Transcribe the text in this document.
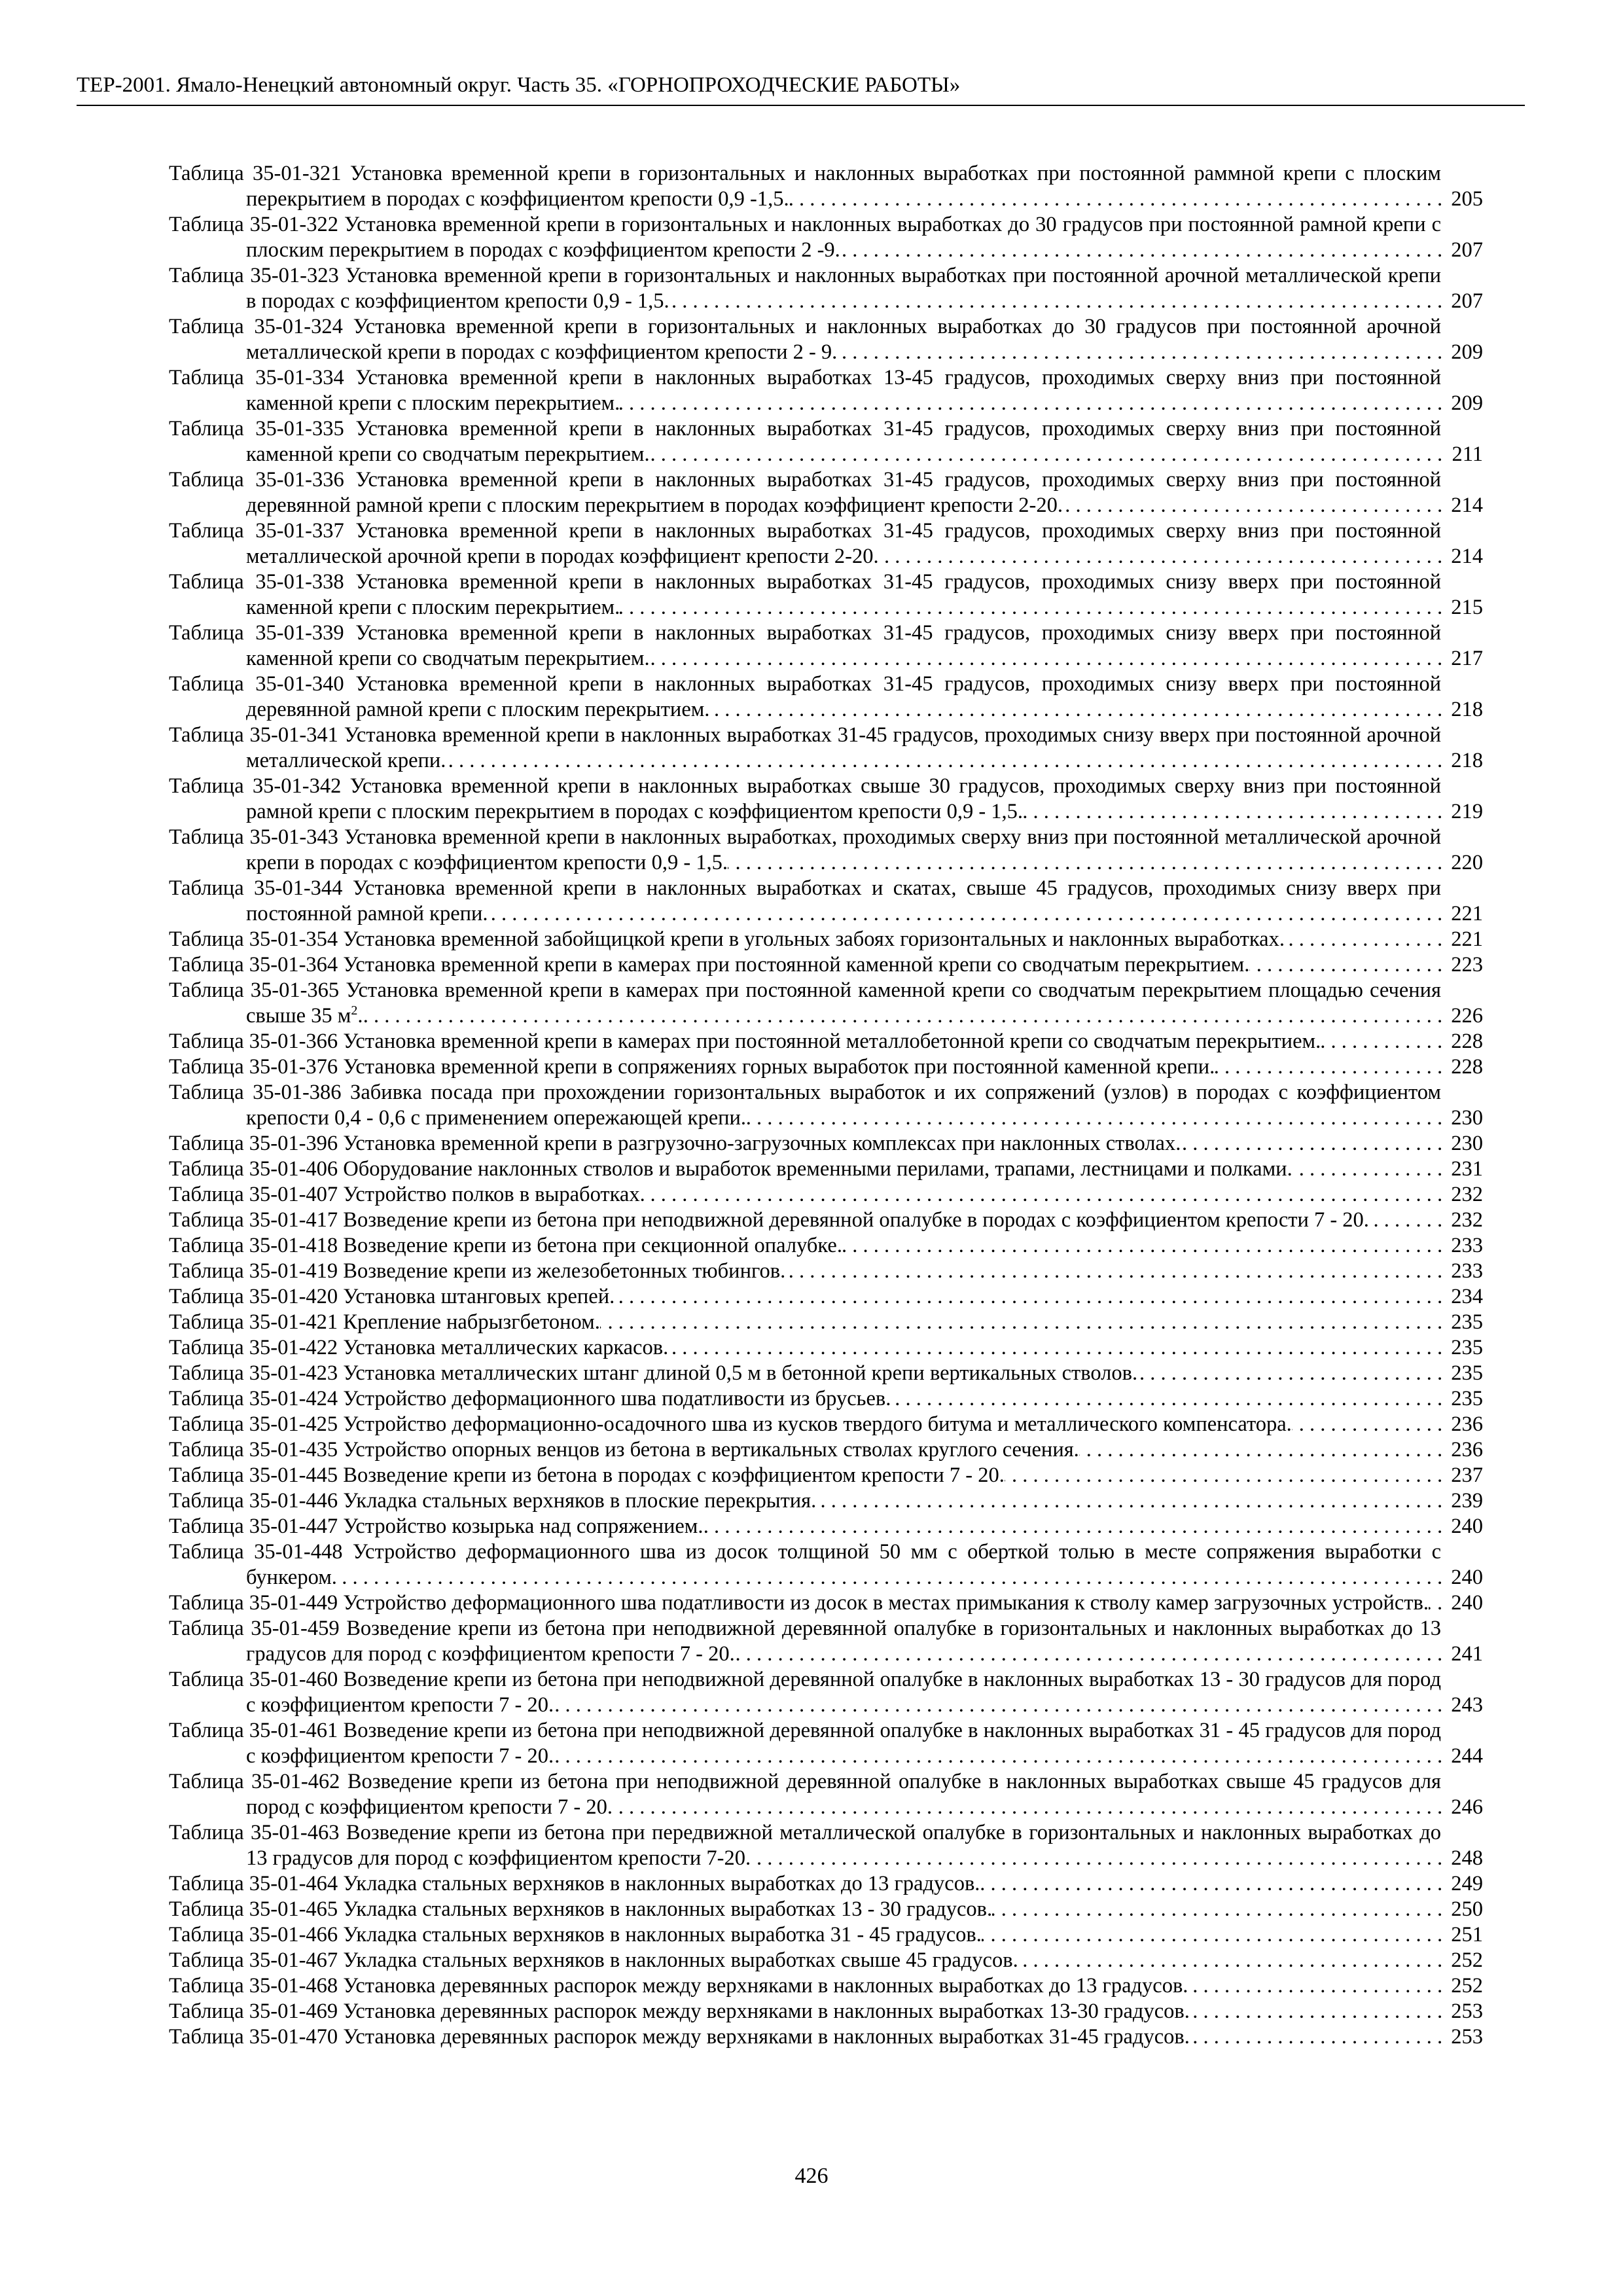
ТЕР-2001. Ямало-Ненецкий автономный округ. Часть 35. «ГОРНОПРОХОДЧЕСКИЕ РАБОТЫ»
Таблица 35-01-321 Установка временной крепи в горизонтальных и наклонных выработках при постоянной раммной крепи с плоским перекрытием в породах с коэффициентом крепости 0,9 -1,5. . . .	205
Таблица 35-01-322 Установка временной крепи в горизонтальных и наклонных выработках до 30 градусов при постоянной рамной крепи с плоским перекрытием в породах с коэффициентом крепости 2 -9. . . .	207
Таблица 35-01-323 Установка временной крепи в горизонтальных и наклонных выработках при постоянной арочной металлической крепи в породах с коэффициентом крепости 0,9 - 1,5. . . .	207
Таблица 35-01-324 Установка временной крепи в горизонтальных и наклонных выработках до 30 градусов при постоянной арочной металлической крепи в породах с коэффициентом крепости 2 - 9. . . .	209
Таблица 35-01-334 Установка временной крепи в наклонных выработках 13-45 градусов, проходимых сверху вниз при постоянной каменной крепи с плоским перекрытием. . . .	209
Таблица 35-01-335 Установка временной крепи в наклонных выработках 31-45 градусов, проходимых сверху вниз при постоянной каменной крепи со сводчатым перекрытием. . . .	211
Таблица 35-01-336 Установка временной крепи в наклонных выработках 31-45 градусов, проходимых сверху вниз при постоянной деревянной рамной крепи с плоским перекрытием в породах коэффициент крепости 2-20. . . .	214
Таблица 35-01-337 Установка временной крепи в наклонных выработках 31-45 градусов, проходимых сверху вниз при постоянной металлической арочной крепи в породах коэффициент крепости 2-20. . . .	214
Таблица 35-01-338 Установка временной крепи в наклонных выработках 31-45 градусов, проходимых снизу вверх при постоянной каменной крепи с плоским перекрытием. . . .	215
Таблица 35-01-339 Установка временной крепи в наклонных выработках 31-45 градусов, проходимых снизу вверх при постоянной каменной крепи со сводчатым перекрытием. . . .	217
Таблица 35-01-340 Установка временной крепи в наклонных выработках 31-45 градусов, проходимых снизу вверх при постоянной деревянной рамной крепи с плоским перекрытием. . . .	218
Таблица 35-01-341 Установка временной крепи в наклонных выработках 31-45 градусов, проходимых снизу вверх при постоянной арочной металлической крепи. . . .	218
Таблица 35-01-342 Установка временной крепи в наклонных выработках свыше 30 градусов, проходимых сверху вниз при постоянной рамной крепи с плоским перекрытием в породах с коэффициентом крепости 0,9 - 1,5. . . .	219
Таблица 35-01-343 Установка временной крепи в наклонных выработках, проходимых сверху вниз при постоянной металлической арочной крепи в породах с коэффициентом крепости 0,9 - 1,5. . . .	220
Таблица 35-01-344 Установка временной крепи в наклонных выработках и скатах, свыше 45 градусов, проходимых снизу вверх при постоянной рамной крепи. . . .	221
Таблица 35-01-354 Установка временной забойщицкой крепи в угольных забоях горизонтальных и наклонных выработках. . . .	221
Таблица 35-01-364 Установка временной крепи в камерах при постоянной каменной крепи со сводчатым перекрытием. . . .	223
Таблица 35-01-365 Установка временной крепи в камерах при постоянной каменной крепи со сводчатым перекрытием площадью сечения свыше 35 $м^2$. . . .	226
Таблица 35-01-366 Установка временной крепи в камерах при постоянной металлобетонной крепи со сводчатым перекрытием. . . .	228
Таблица 35-01-376 Установка временной крепи в сопряжениях горных выработок при постоянной каменной крепи. . . .	228
Таблица 35-01-386 Забивка посада при прохождении горизонтальных выработок и их сопряжений (узлов) в породах с коэффициентом крепости 0,4 - 0,6 с применением опережающей крепи. . . .	230
Таблица 35-01-396 Установка временной крепи в разгрузочно-загрузочных комплексах при наклонных стволах. . . .	230
Таблица 35-01-406 Оборудование наклонных стволов и выработок временными перилами, трапами, лестницами и полками. . . .	231
Таблица 35-01-407 Устройство полков в выработках. . . .	232
Таблица 35-01-417 Возведение крепи из бетона при неподвижной деревянной опалубке в породах с коэффициентом крепости 7 - 20. . . .	232
Таблица 35-01-418 Возведение крепи из бетона при секционной опалубке. . . .	233
Таблица 35-01-419 Возведение крепи из железобетонных тюбингов. . . .	233
Таблица 35-01-420 Установка штанговых крепей. . . .	234
Таблица 35-01-421 Крепление набрызгбетоном. . . .	235
Таблица 35-01-422 Установка металлических каркасов. . . .	235
Таблица 35-01-423 Установка металлических штанг длиной 0,5 м в бетонной крепи вертикальных стволов. . . .	235
Таблица 35-01-424 Устройство деформационного шва податливости из брусьев. . . .	235
Таблица 35-01-425 Устройство деформационно-осадочного шва из кусков твердого битума и металлического компенсатора. . . .	236
Таблица 35-01-435 Устройство опорных венцов из бетона в вертикальных стволах круглого сечения. . . .	236
Таблица 35-01-445 Возведение крепи из бетона в породах с коэффициентом крепости 7 - 20. . . .	237
Таблица 35-01-446 Укладка стальных верхняков в плоские перекрытия. . . .	239
Таблица 35-01-447 Устройство козырька над сопряжением. . . .	240
Таблица 35-01-448 Устройство деформационного шва из досок толщиной 50 мм с оберткой толью в месте сопряжения выработки с бункером. . . .	240
Таблица 35-01-449 Устройство деформационного шва податливости из досок в местах примыкания к стволу камер загрузочных устройств. . . .	240
Таблица 35-01-459 Возведение крепи из бетона при неподвижной деревянной опалубке в горизонтальных и наклонных выработках до 13 градусов для пород с коэффициентом крепости 7 - 20. . . .	241
Таблица 35-01-460 Возведение крепи из бетона при неподвижной деревянной опалубке в наклонных выработках 13 - 30 градусов для пород с коэффициентом крепости 7 - 20. . . .	243
Таблица 35-01-461 Возведение крепи из бетона при неподвижной деревянной опалубке в наклонных выработках 31 - 45 градусов для пород с коэффициентом крепости 7 - 20. . . .	244
Таблица 35-01-462 Возведение крепи из бетона при неподвижной деревянной опалубке в наклонных выработках свыше 45 градусов для пород с коэффициентом крепости 7 - 20. . . .	246
Таблица 35-01-463 Возведение крепи из бетона при передвижной металлической опалубке в горизонтальных и наклонных выработках до 13 градусов для пород с коэффициентом крепости 7-20. . . .	248
Таблица 35-01-464 Укладка стальных верхняков в наклонных выработках до 13 градусов. . . .	249
Таблица 35-01-465 Укладка стальных верхняков в наклонных выработках 13 - 30 градусов. . . .	250
Таблица 35-01-466 Укладка стальных верхняков в наклонных выработка 31 - 45 градусов. . . .	251
Таблица 35-01-467 Укладка стальных верхняков в наклонных выработках свыше 45 градусов. . . .	252
Таблица 35-01-468 Установка деревянных распорок между верхняками в наклонных выработках до 13 градусов. . . .	252
Таблица 35-01-469 Установка деревянных распорок между верхняками в наклонных выработках 13-30 градусов. . . .	253
Таблица 35-01-470 Установка деревянных распорок между верхняками в наклонных выработках 31-45 градусов. . . .	253
426
